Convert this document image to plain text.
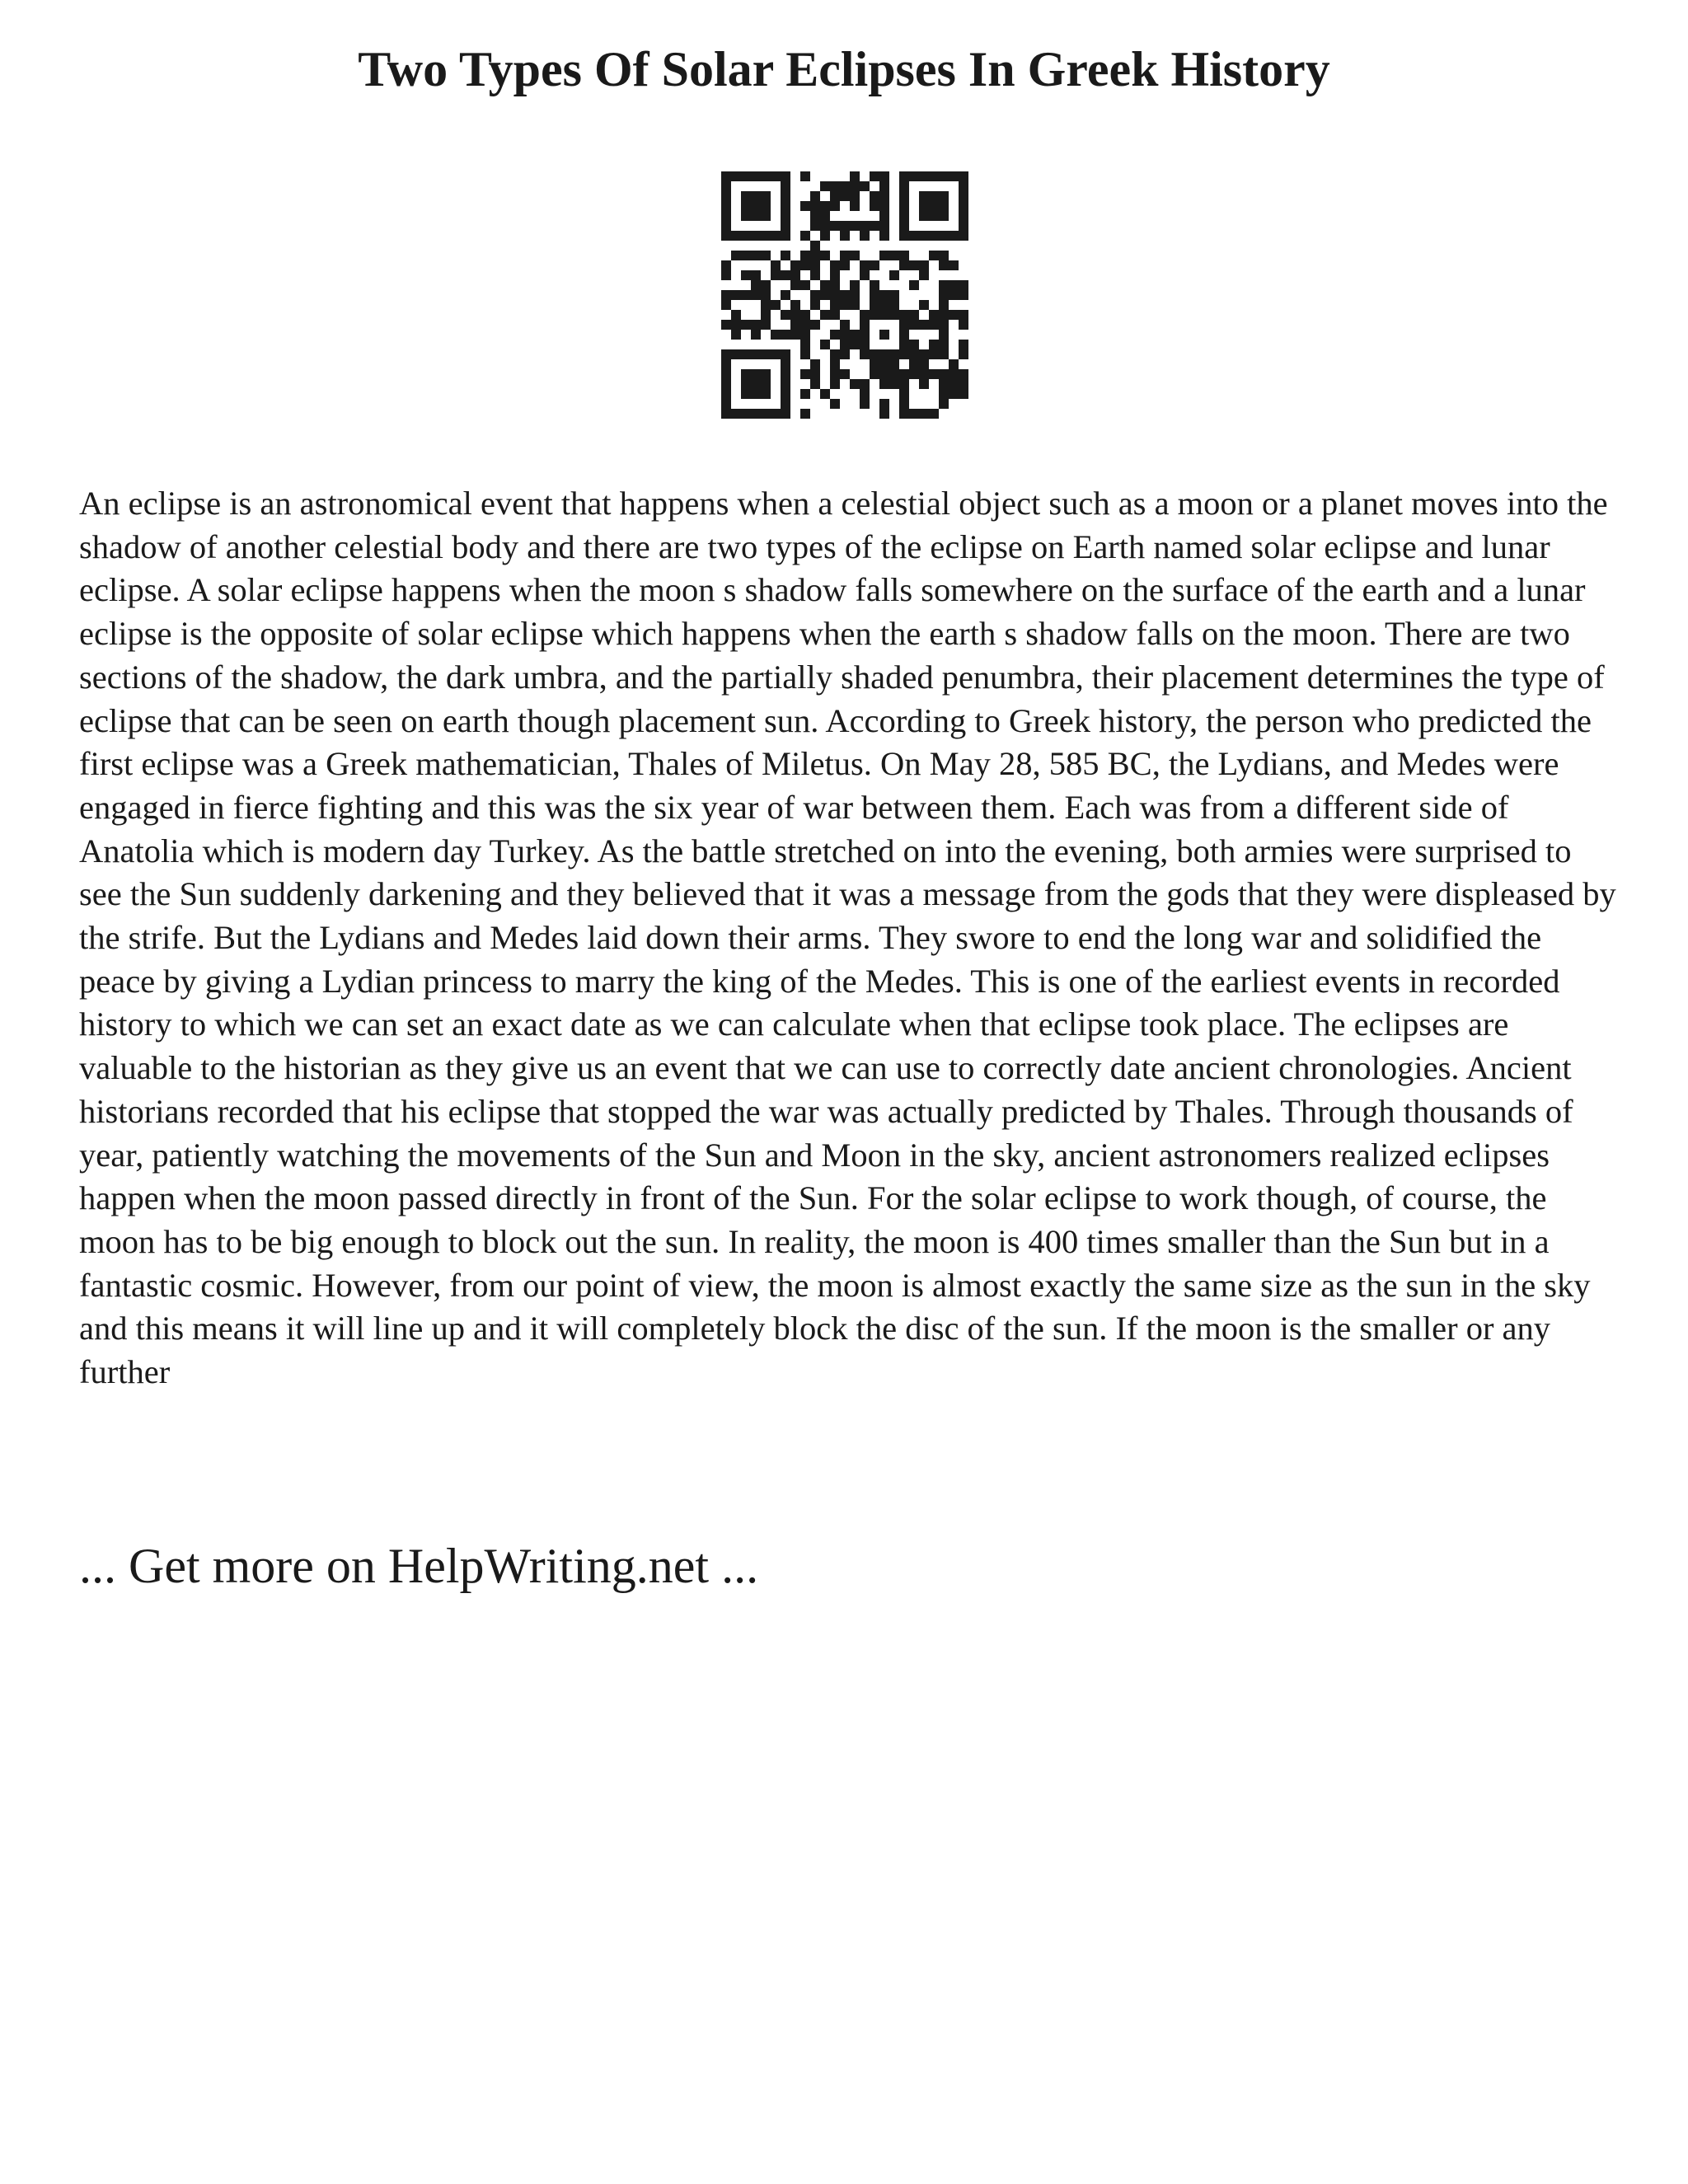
Two Types Of Solar Eclipses In Greek History

An eclipse is an astronomical event that happens when a celestial object such as a moon or a planet moves into the shadow of another celestial body and there are two types of the eclipse on Earth named solar eclipse and lunar eclipse. A solar eclipse happens when the moon s shadow falls somewhere on the surface of the earth and a lunar eclipse is the opposite of solar eclipse which happens when the earth s shadow falls on the moon. There are two sections of the shadow, the dark umbra, and the partially shaded penumbra, their placement determines the type of eclipse that can be seen on earth though placement sun. According to Greek history, the person who predicted the first eclipse was a Greek mathematician, Thales of Miletus. On May 28, 585 BC, the Lydians, and Medes were engaged in fierce fighting and this was the six year of war between them. Each was from a different side of Anatolia which is modern day Turkey. As the battle stretched on into the evening, both armies were surprised to see the Sun suddenly darkening and they believed that it was a message from the gods that they were displeased by the strife. But the Lydians and Medes laid down their arms. They swore to end the long war and solidified the peace by giving a Lydian princess to marry the king of the Medes. This is one of the earliest events in recorded history to which we can set an exact date as we can calculate when that eclipse took place. The eclipses are valuable to the historian as they give us an event that we can use to correctly date ancient chronologies. Ancient historians recorded that his eclipse that stopped the war was actually predicted by Thales. Through thousands of year, patiently watching the movements of the Sun and Moon in the sky, ancient astronomers realized eclipses happen when the moon passed directly in front of the Sun. For the solar eclipse to work though, of course, the moon has to be big enough to block out the sun. In reality, the moon is 400 times smaller than the Sun but in a fantastic cosmic. However, from our point of view, the moon is almost exactly the same size as the sun in the sky and this means it will line up and it will completely block the disc of the sun. If the moon is the smaller or any further

... Get more on HelpWriting.net ...
